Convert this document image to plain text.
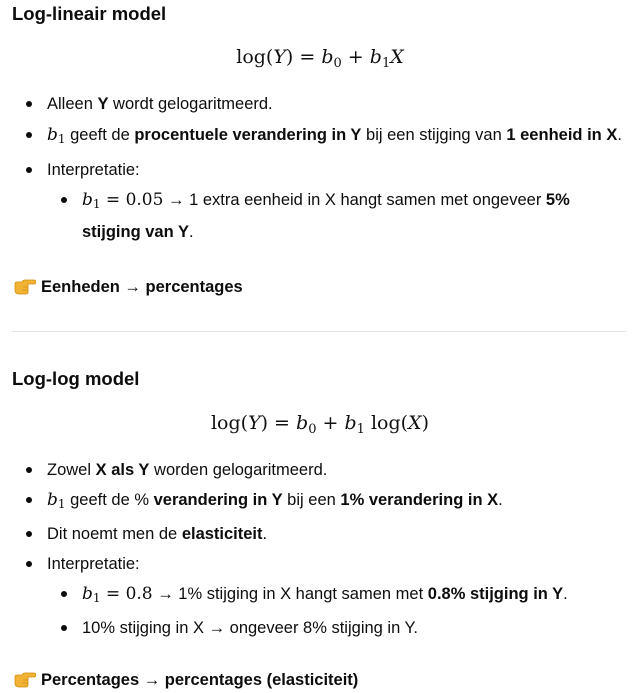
Log-lineair model
$\log(Y) = b_0 + b_1X$
Alleen Y wordt gelogaritmeerd.
$b_1$ geeft de procentuele verandering in Y bij een stijging van 1 eenheid in X.
Interpretatie:
$b_1 = 0.05 \to 1$ extra eenheid in X hangt samen met ongeveer 5% stijging van Y.
Eenheden → percentages
Log-log model
$\log(Y) = b_0 + b_1$ log(X)
Zowel X als Y worden gelogaritmeerd.
$b_1$ geeft de % verandering in Y bij een 1% verandering in X.
Dit noemt men de elasticiteit.
Interpretatie:
$b_1 = 0.8 \to 1\%$ stijging in X hangt samen met 0.8% stijging in Y.
10% stijging in X → ongeveer 8% stijging in Y.
Percentages → percentages (elasticiteit)
